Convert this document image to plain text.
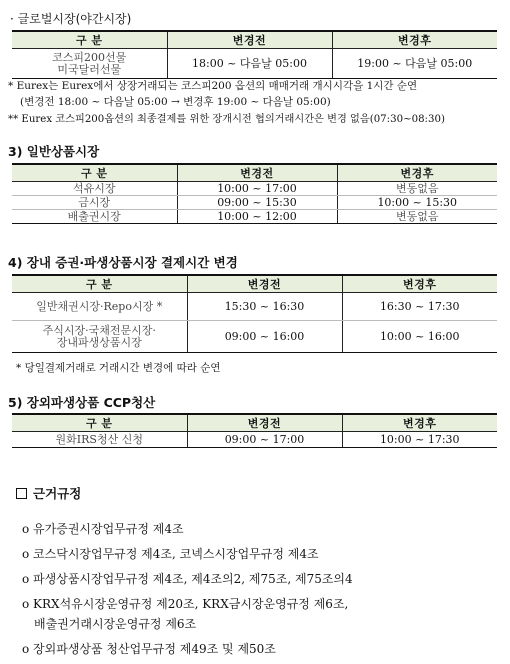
· 글로벌시장(야간시장)
구 분	변경전	변경후

코스피200선물
미국달러선물	18:00 ~ 다음날 05:00	19:00 ~ 다음날 05:00
* Eurex는 Eurex에서 상장거래되는 코스피200 옵션의 매매거래 개시시각을 1시간 순연
(변경전 18:00 ~ 다음날 05:00 → 변경후 19:00 ~ 다음날 05:00)
** Eurex 코스피200옵션의 최종결제를 위한 장개시전 협의거래시간은 변경 없음(07:30~08:30)
3) 일반상품시장
구 분	변경전	변경후
석유시장	10:00 ~ 17:00	변동없음
금시장	09:00 ~ 15:30	10:00 ~ 15:30
배출권시장	10:00 ~ 12:00	변동없음
4) 장내 증권·파생상품시장 결제시간 변경
구 분	변경전	변경후
일반채권시장·Repo시장 *	15:30 ~ 16:30	16:30 ~ 17:30

주식시장·국채전문시장·
장내파생상품시장	09:00 ~ 16:00	10:00 ~ 16:00
* 당일결제거래로 거래시간 변경에 따라 순연
5) 장외파생상품 CCP청산
구 분	변경전	변경후
원화IRS청산 신청	09:00 ~ 17:00	10:00 ~ 17:30
근거규정
o 유가증권시장업무규정 제4조
o 코스닥시장업무규정 제4조, 코넥스시장업무규정 제4조
o 파생상품시장업무규정 제4조, 제4조의2, 제75조, 제75조의4
o KRX석유시장운영규정 제20조, KRX금시장운영규정 제6조,
배출권거래시장운영규정 제6조
o 장외파생상품 청산업무규정 제49조 및 제50조
